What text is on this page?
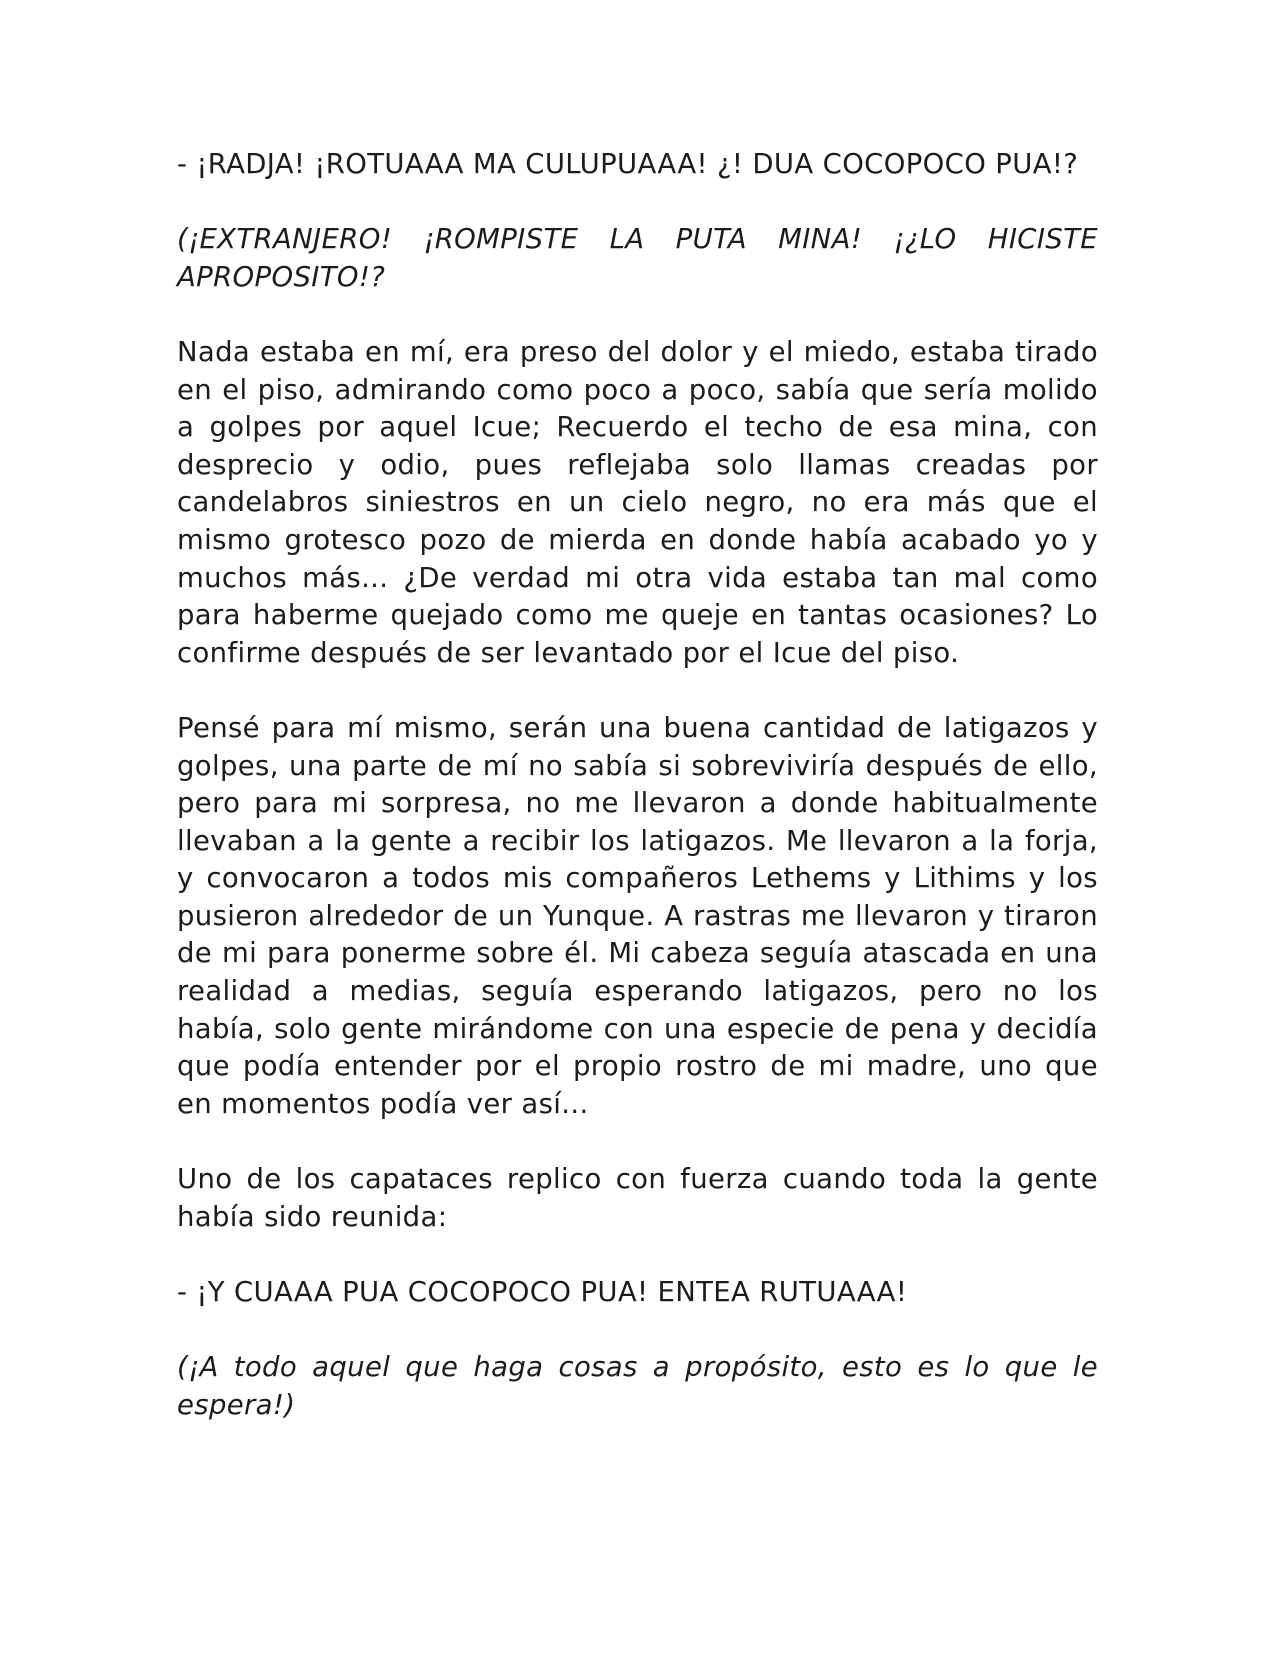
- ¡RADJA! ¡ROTUAAA MA CULUPUAAA! ¿! DUA COCOPOCO PUA!?

(¡EXTRANJERO! ¡ROMPISTE LA PUTA MINA! ¡¿LO HICISTE APROPOSITO!?

Nada estaba en mí, era preso del dolor y el miedo, estaba tirado en el piso, admirando como poco a poco, sabía que sería molido a golpes por aquel Icue; Recuerdo el techo de esa mina, con desprecio y odio, pues reflejaba solo llamas creadas por candelabros siniestros en un cielo negro, no era más que el mismo grotesco pozo de mierda en donde había acabado yo y muchos más... ¿De verdad mi otra vida estaba tan mal como para haberme quejado como me queje en tantas ocasiones? Lo confirme después de ser levantado por el Icue del piso.

Pensé para mí mismo, serán una buena cantidad de latigazos y golpes, una parte de mí no sabía si sobreviviría después de ello, pero para mi sorpresa, no me llevaron a donde habitualmente llevaban a la gente a recibir los latigazos. Me llevaron a la forja, y convocaron a todos mis compañeros Lethems y Lithims y los pusieron alrededor de un Yunque. A rastras me llevaron y tiraron de mi para ponerme sobre él. Mi cabeza seguía atascada en una realidad a medias, seguía esperando latigazos, pero no los había, solo gente mirándome con una especie de pena y decidía que podía entender por el propio rostro de mi madre, uno que en momentos podía ver así...

Uno de los capataces replico con fuerza cuando toda la gente había sido reunida:

- ¡Y CUAAA PUA COCOPOCO PUA! ENTEA RUTUAAA!

(¡A todo aquel que haga cosas a propósito, esto es lo que le espera!)
